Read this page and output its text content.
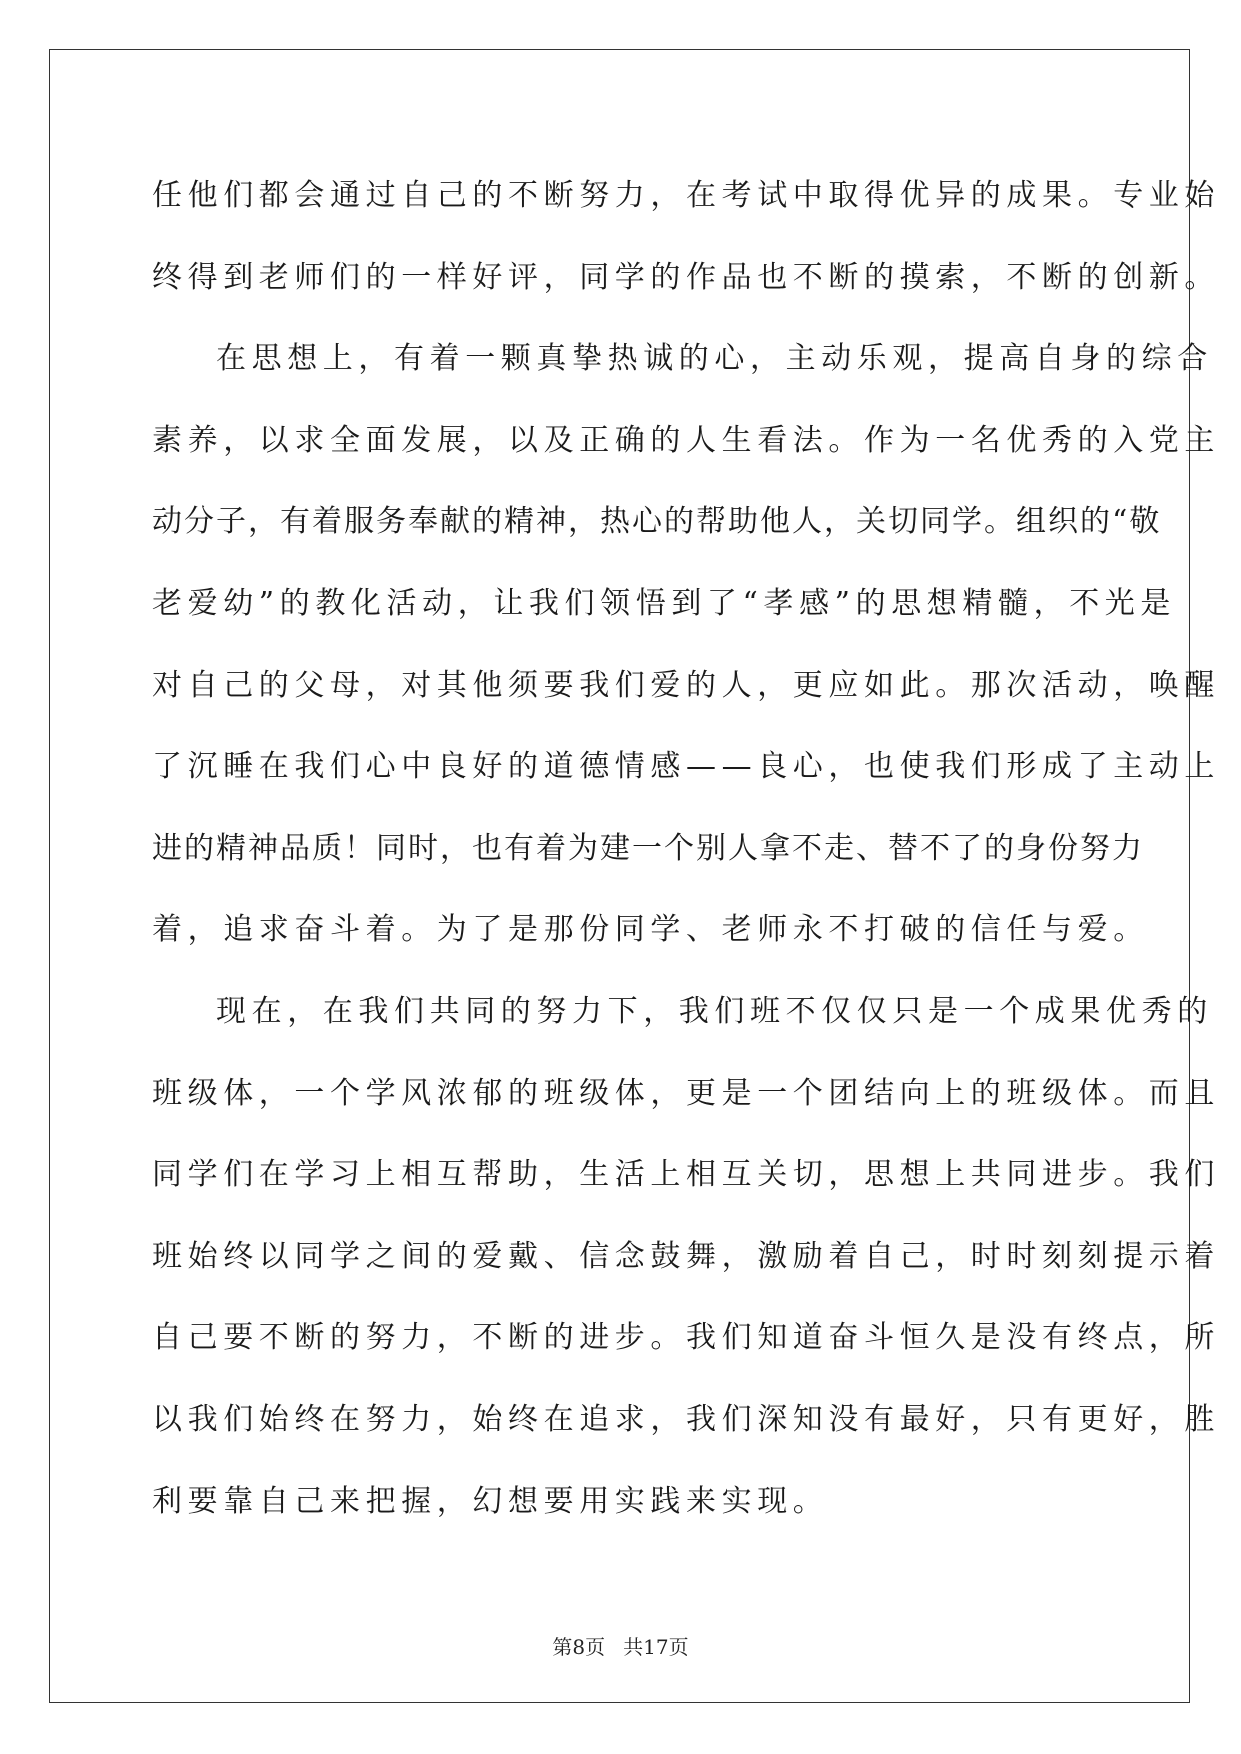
任他们都会通过自己的不断努力，在考试中取得优异的成果。专业始
终得到老师们的一样好评，同学的作品也不断的摸索，不断的创新。
在思想上，有着一颗真挚热诚的心，主动乐观，提高自身的综合
素养，以求全面发展，以及正确的人生看法。作为一名优秀的入党主
动分子，有着服务奉献的精神，热心的帮助他人，关切同学。组织的“敬
老爱幼”的教化活动，让我们领悟到了“孝感”的思想精髓，不光是
对自己的父母，对其他须要我们爱的人，更应如此。那次活动，唤醒
了沉睡在我们心中良好的道德情感——良心，也使我们形成了主动上
进的精神品质！同时，也有着为建一个别人拿不走、替不了的身份努力
着，追求奋斗着。为了是那份同学、老师永不打破的信任与爱。
现在，在我们共同的努力下，我们班不仅仅只是一个成果优秀的
班级体，一个学风浓郁的班级体，更是一个团结向上的班级体。而且
同学们在学习上相互帮助，生活上相互关切，思想上共同进步。我们
班始终以同学之间的爱戴、信念鼓舞，激励着自己，时时刻刻提示着
自己要不断的努力，不断的进步。我们知道奋斗恒久是没有终点，所
以我们始终在努力，始终在追求，我们深知没有最好，只有更好，胜
利要靠自己来把握，幻想要用实践来实现。
第8页 共17页
